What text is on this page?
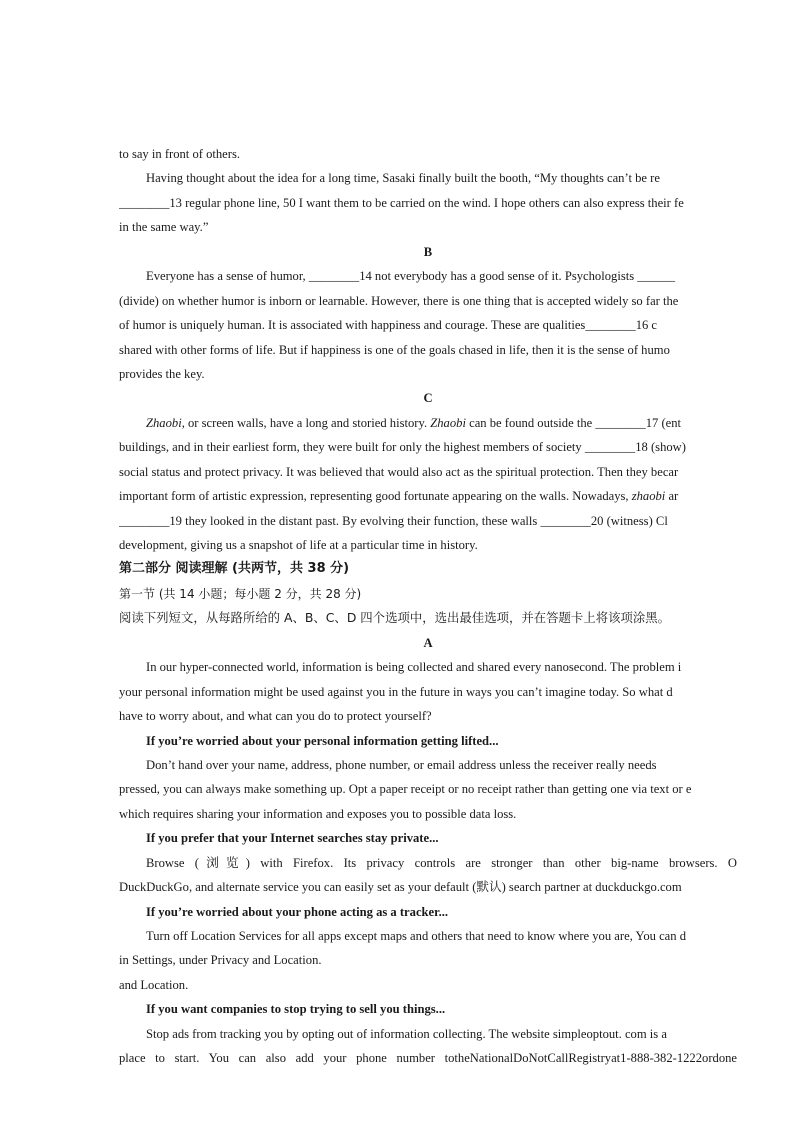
to say in front of others.
Having thought about the idea for a long time, Sasaki finally built the booth, “My thoughts can’t be re
________13 regular phone line, 50 I want them to be carried on the wind. I hope others can also express their fe
in the same way.”
B
Everyone has a sense of humor, ________14 not everybody has a good sense of it. Psychologists ______
(divide) on whether humor is inborn or learnable. However, there is one thing that is accepted widely so far the
of humor is uniquely human. It is associated with happiness and courage. These are qualities________16 c
shared with other forms of life. But if happiness is one of the goals chased in life, then it is the sense of humo
provides the key.
C
Zhaobi, or screen walls, have a long and storied history. Zhaobi can be found outside the ________17 (ent
buildings, and in their earliest form, they were built for only the highest members of society ________18 (show)
social status and protect privacy. It was believed that would also act as the spiritual protection. Then they becar
important form of artistic expression, representing good fortunate appearing on the walls. Nowadays, zhaobi ar
________19 they looked in the distant past. By evolving their function, these walls ________20 (witness) Cl
development, giving us a snapshot of life at a particular time in history.
第二部分 阅读理解 (共两节，共 38 分)
第一节 (共 14 小题；每小题 2 分，共 28 分)
阅读下列短文，从每路所给的 A、B、C、D 四个选项中，选出最佳选项，并在答题卡上将该项涂黑。
A
In our hyper-connected world, information is being collected and shared every nanosecond. The problem i
your personal information might be used against you in the future in ways you can’t imagine today. So what d
have to worry about, and what can you do to protect yourself?
If you’re worried about your personal information getting lifted...
Don’t hand over your name, address, phone number, or email address unless the receiver really needs
pressed, you can always make something up. Opt a paper receipt or no receipt rather than getting one via text or e
which requires sharing your information and exposes you to possible data loss.
If you prefer that your Internet searches stay private...
Browse (浏览) with Firefox. Its privacy controls are stronger than other big-name browsers. O
DuckDuckGo, and alternate service you can easily set as your default (默认) search partner at duckduckgo.com
If you’re worried about your phone acting as a tracker...
Turn off Location Services for all apps except maps and others that need to know where you are, You can d
in Settings, under Privacy and Location.
and Location.
If you want companies to stop trying to sell you things...
Stop ads from tracking you by opting out of information collecting. The website simpleoptout. com is a
place to start. You can also add your phone number totheNationalDoNotCallRegistryat1-888-382-1222ordone
